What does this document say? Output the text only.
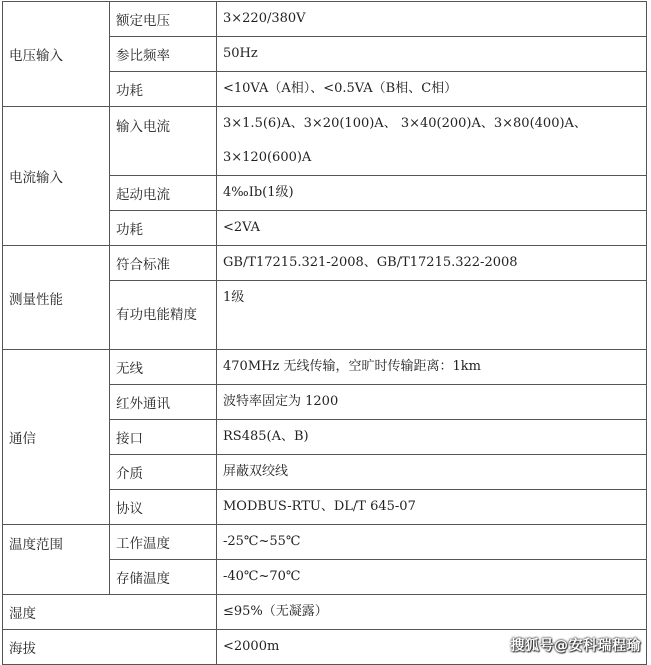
电压输入	额定电压	3×220/380V
	参比频率	50Hz
	功耗	<10VA（A相）、<0.5VA（B相、C相）
电流输入	输入电流	3×1.5(6)A、3×20(100)A、 3×40(200)A、3×80(400)A、3×120(600)A
	起动电流	4‰Ib(1级)
	功耗	<2VA
测量性能	符合标准	GB/T17215.321-2008、GB/T17215.322-2008
	有功电能精度	1级
通信	无线	470MHz 无线传输，空旷时传输距离：1km
	红外通讯	波特率固定为 1200
	接口	RS485(A、B)
	介质	屏蔽双绞线
	协议	MODBUS-RTU、DL/T 645-07
温度范围	工作温度	-25℃~55℃
	存储温度	-40℃~70℃
湿度		≤95%（无凝露）
海拔		<2000m	搜狐号@安科瑞程瑜
